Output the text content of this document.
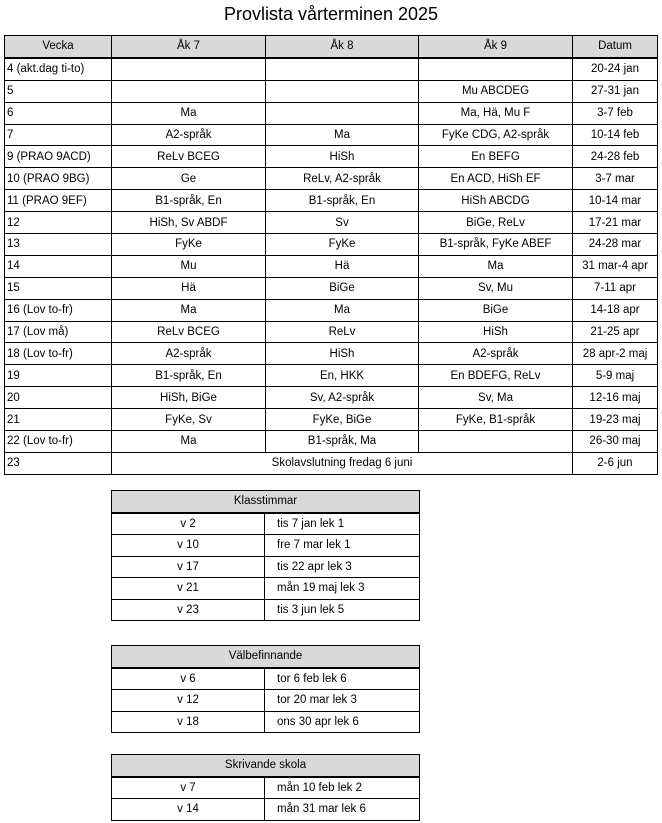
Provlista vårterminen 2025
Vecka	Åk 7	Åk 8	Åk 9	Datum
4 (akt.dag ti-to)				20-24 jan
5			Mu ABCDEG	27-31 jan
6	Ma		Ma, Hä, Mu F	3-7 feb
7	A2-språk	Ma	FyKe CDG, A2-språk	10-14 feb
9 (PRAO 9ACD)	ReLv BCEG	HiSh	En BEFG	24-28 feb
10 (PRAO 9BG)	Ge	ReLv, A2-språk	En ACD, HiSh EF	3-7 mar
11 (PRAO 9EF)	B1-språk, En	B1-språk, En	HiSh ABCDG	10-14 mar
12	HiSh, Sv ABDF	Sv	BiGe, ReLv	17-21 mar
13	FyKe	FyKe	B1-språk, FyKe ABEF	24-28 mar
14	Mu	Hä	Ma	31 mar-4 apr
15	Hä	BiGe	Sv, Mu	7-11 apr
16 (Lov to-fr)	Ma	Ma	BiGe	14-18 apr
17 (Lov må)	ReLv BCEG	ReLv	HiSh	21-25 apr
18 (Lov to-fr)	A2-språk	HiSh	A2-språk	28 apr-2 maj
19	B1-språk, En	En, HKK	En BDEFG, ReLv	5-9 maj
20	HiSh, BiGe	Sv, A2-språk	Sv, Ma	12-16 maj
21	FyKe, Sv	FyKe, BiGe	FyKe, B1-språk	19-23 maj
22 (Lov to-fr)	Ma	B1-språk, Ma		26-30 maj
23	Skolavslutning fredag 6 juni			2-6 jun
Klasstimmar	
v 2	tis 7 jan lek 1
v 10	fre 7 mar lek 1
v 17	tis 22 apr lek 3
v 21	mån 19 maj lek 3
v 23	tis 3 jun lek 5
Välbefinnande	
v 6	tor 6 feb lek 6
v 12	tor 20 mar lek 3
v 18	ons 30 apr lek 6
Skrivande skola	
v 7	mån 10 feb lek 2
v 14	mån 31 mar lek 6
